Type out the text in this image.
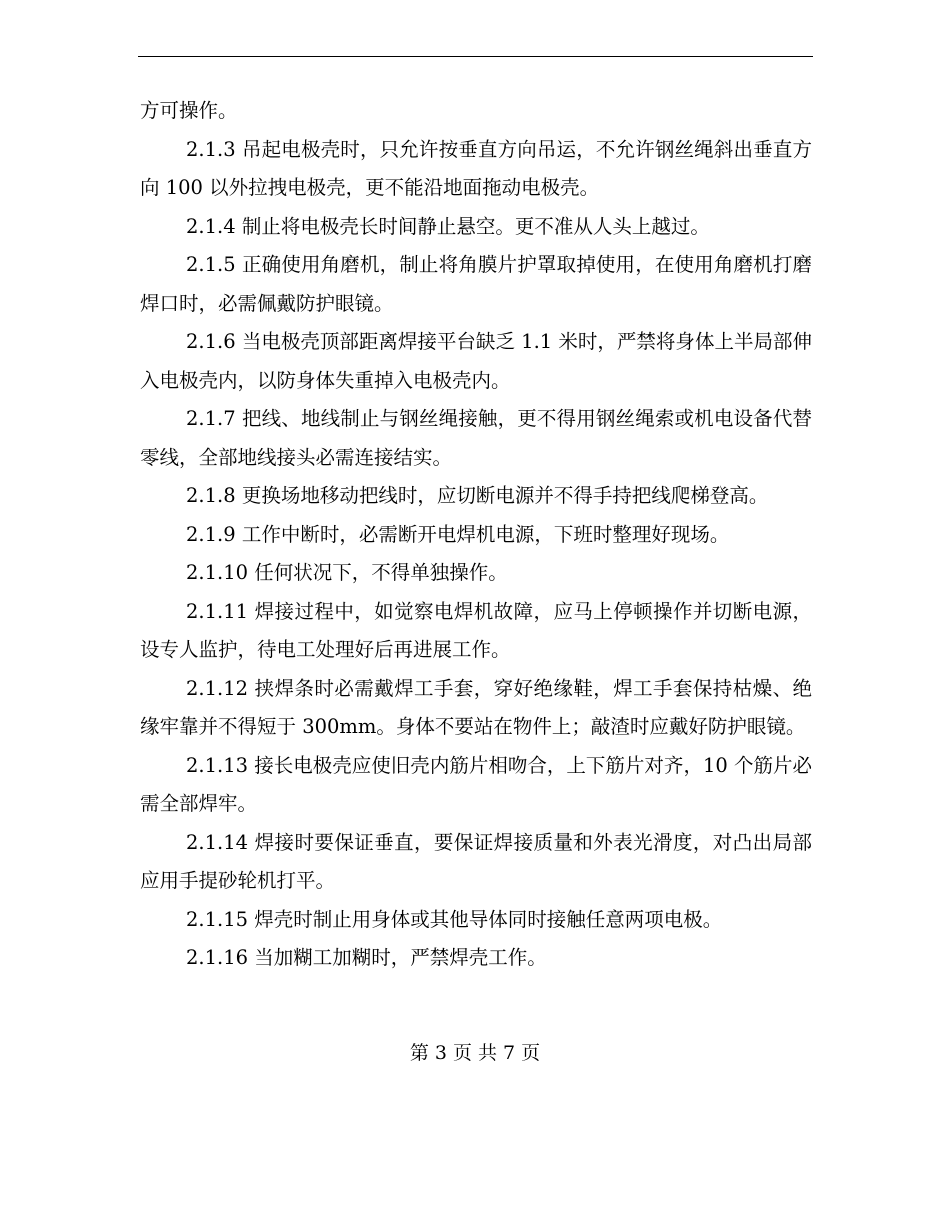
方可操作。

2.1.3 吊起电极壳时，只允许按垂直方向吊运，不允许钢丝绳斜出垂直方向 100 以外拉拽电极壳，更不能沿地面拖动电极壳。

2.1.4 制止将电极壳长时间静止悬空。更不准从人头上越过。

2.1.5 正确使用角磨机，制止将角膜片护罩取掉使用，在使用角磨机打磨焊口时，必需佩戴防护眼镜。

2.1.6 当电极壳顶部距离焊接平台缺乏 1.1 米时，严禁将身体上半局部伸入电极壳内，以防身体失重掉入电极壳内。

2.1.7 把线、地线制止与钢丝绳接触，更不得用钢丝绳索或机电设备代替零线，全部地线接头必需连接结实。

2.1.8 更换场地移动把线时，应切断电源并不得手持把线爬梯登高。

2.1.9 工作中断时，必需断开电焊机电源，下班时整理好现场。

2.1.10 任何状况下，不得单独操作。

2.1.11 焊接过程中，如觉察电焊机故障，应马上停顿操作并切断电源，设专人监护，待电工处理好后再进展工作。

2.1.12 挟焊条时必需戴焊工手套，穿好绝缘鞋，焊工手套保持枯燥、绝缘牢靠并不得短于 300mm。身体不要站在物件上；敲渣时应戴好防护眼镜。

2.1.13 接长电极壳应使旧壳内筋片相吻合，上下筋片对齐，10 个筋片必需全部焊牢。

2.1.14 焊接时要保证垂直，要保证焊接质量和外表光滑度，对凸出局部应用手提砂轮机打平。

2.1.15 焊壳时制止用身体或其他导体同时接触任意两项电极。

2.1.16 当加糊工加糊时，严禁焊壳工作。

第 3 页 共 7 页
